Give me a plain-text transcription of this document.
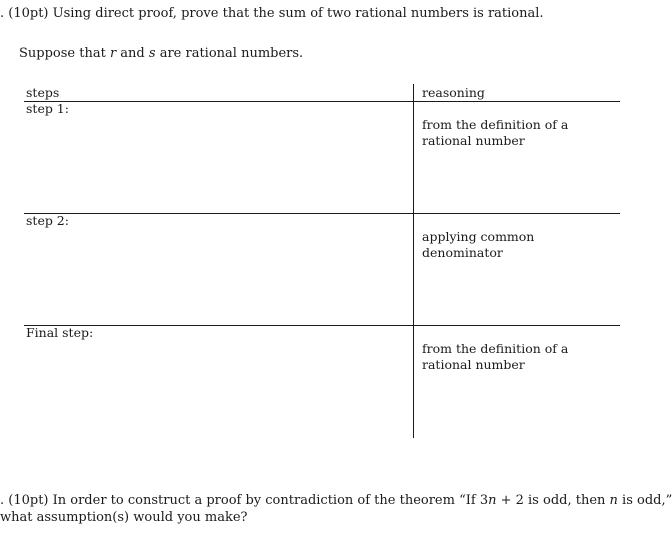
. (10pt) Using direct proof, prove that the sum of two rational numbers is rational.
Suppose that r and s are rational numbers.
steps	reasoning
step 1:
from the definition of a rational number
step 2:
applying common denominator
Final step:
from the definition of a rational number
. (10pt) In order to construct a proof by contradiction of the theorem “If 3n + 2 is odd, then n is odd,”
what assumption(s) would you make?
